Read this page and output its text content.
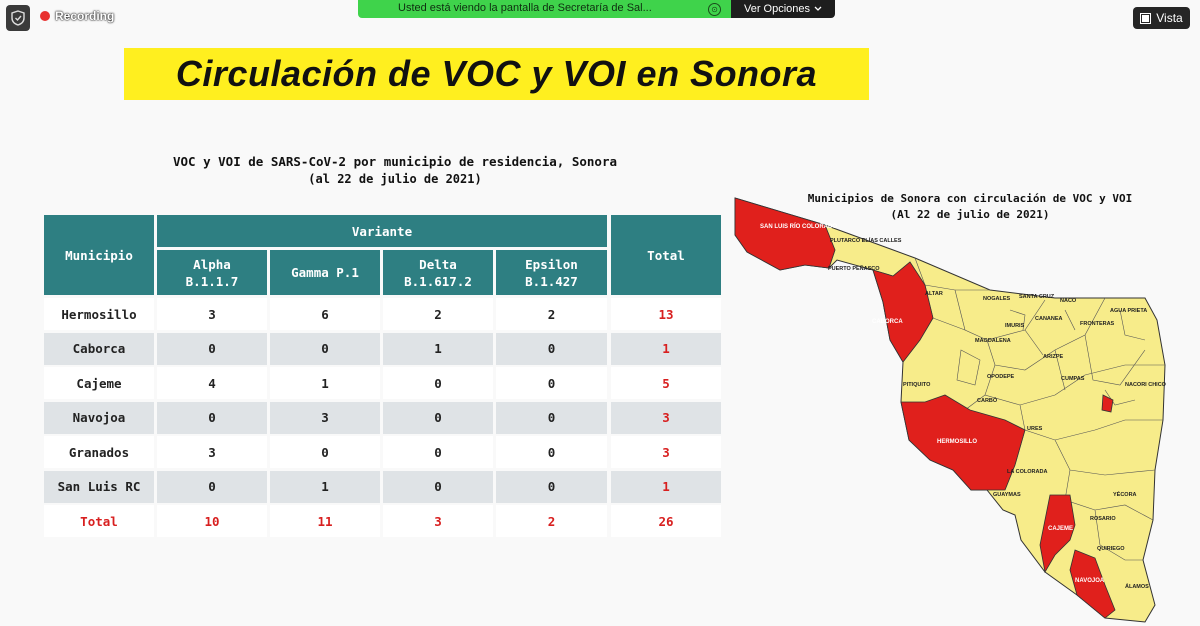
Recording
Usted está viendo la pantalla de Secretaría de Sal...	⊙ Ver Opciones
Vista
Circulación de VOC y VOI en Sonora
VOC y VOI de SARS-CoV-2 por municipio de residencia, Sonora
(al 22 de julio de 2021)
Municipio
Variante
Total
Alpha
B.1.1.7
Gamma P.1
Delta
B.1.617.2
Epsilon
B.1.427
Hermosillo	3	6	2	2	13
Caborca	0	0	1	0	1
Cajeme	4	1	0	0	5
Navojoa	0	3	0	0	3
Granados	3	0	0	0	3
San Luis RC	0	1	0	0	1
Total	10	11	3	2	26
Municipios de Sonora con circulación de VOC y VOI
(Al 22 de julio de 2021)
SAN LUIS RÍO COLORADO
PLUTARCO ELÍAS CALLES
PUERTO PEÑASCO
CABORCA
ALTAR
NOGALES SANTA CRUZ
NACO
AGUA PRIETA
CANANEA
FRONTERAS
IMURIS
MAGDALENA
ARIZPE
PITIQUITO
OPODEPE	CUMPAS
NACORI CHICO
CARBÓ
HERMOSILLO
URES
LA COLORADA
GUAYMAS	YÉCORA
ROSARIO
CAJEME
QUIRIEGO
NAVOJOA
ÁLAMOS
